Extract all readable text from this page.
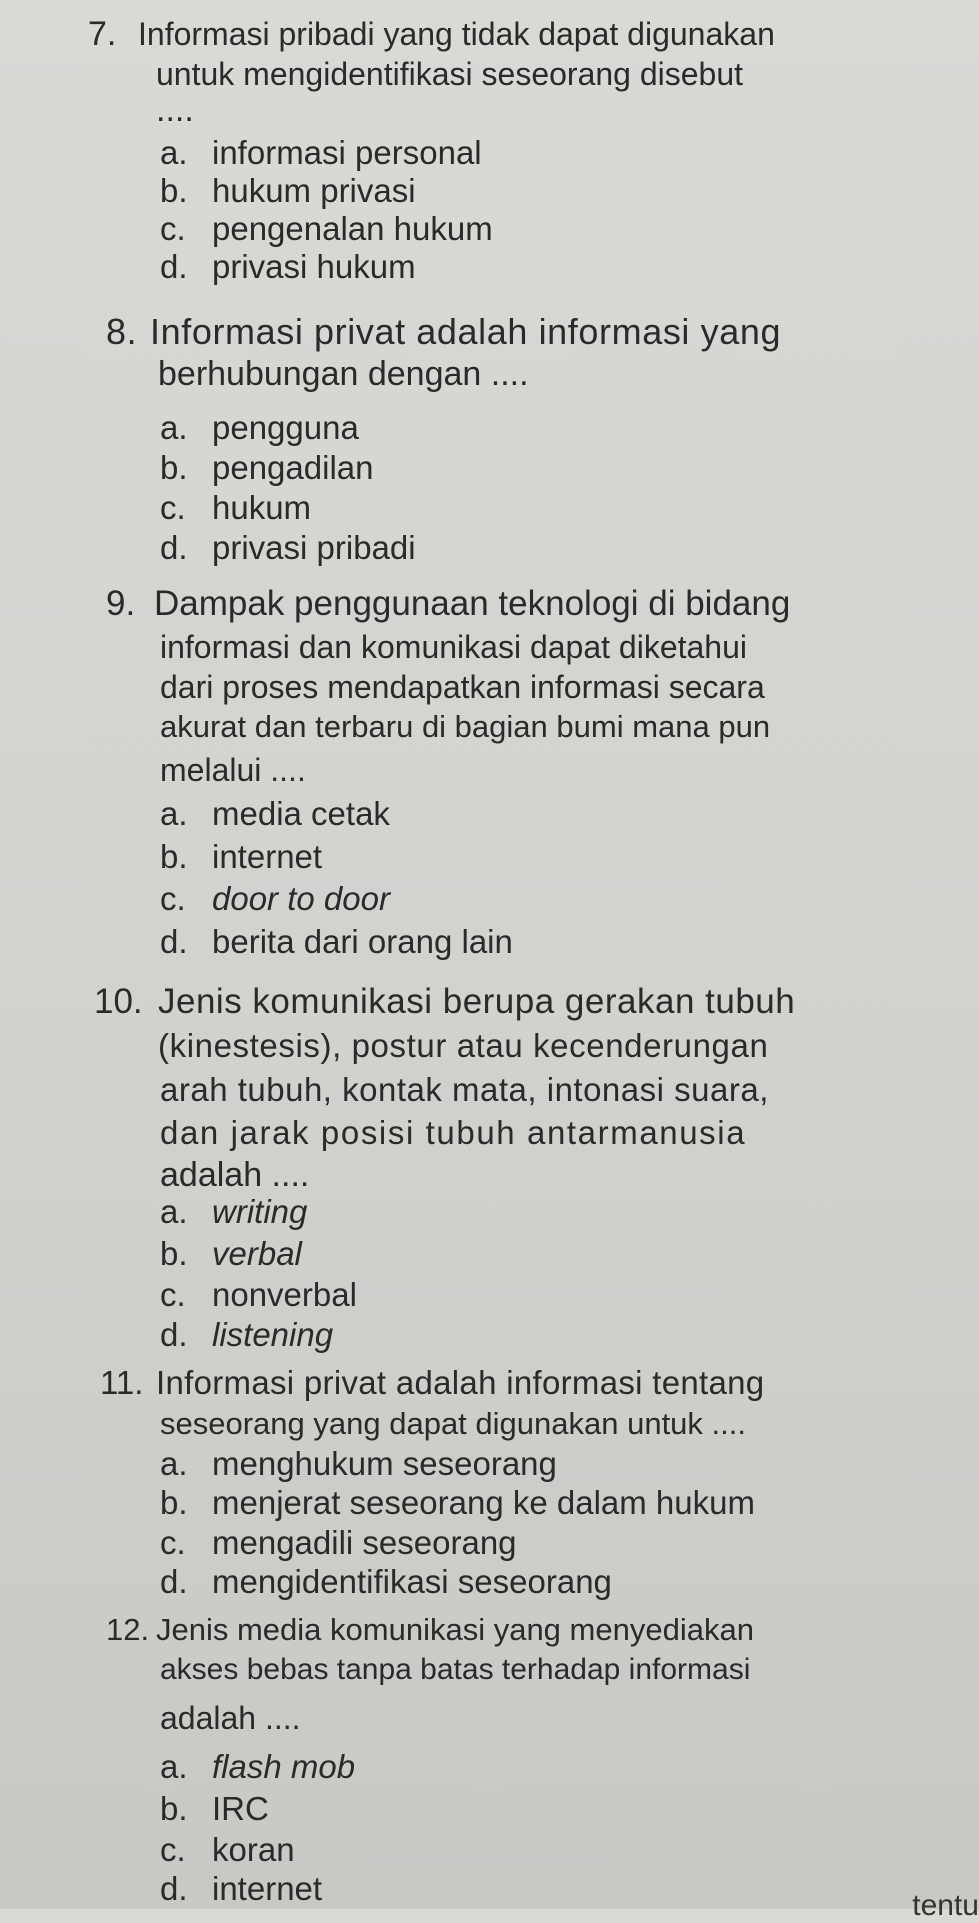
7. Informasi pribadi yang tidak dapat digunakan
untuk mengidentifikasi seseorang disebut
....
a. informasi personal
b. hukum privasi
c. pengenalan hukum
d. privasi hukum
8. Informasi privat adalah informasi yang
berhubungan dengan ....
a. pengguna
b. pengadilan
c. hukum
d. privasi pribadi
9. Dampak penggunaan teknologi di bidang
informasi dan komunikasi dapat diketahui
dari proses mendapatkan informasi secara
akurat dan terbaru di bagian bumi mana pun
melalui ....
a. media cetak
b. internet
c. door to door
d. berita dari orang lain
10. Jenis komunikasi berupa gerakan tubuh
(kinestesis), postur atau kecenderungan
arah tubuh, kontak mata, intonasi suara,
dan jarak posisi tubuh antarmanusia
adalah ....
a. writing
b. verbal
c. nonverbal
d. listening
11. Informasi privat adalah informasi tentang
seseorang yang dapat digunakan untuk ....
a. menghukum seseorang
b. menjerat seseorang ke dalam hukum
c. mengadili seseorang
d. mengidentifikasi seseorang
12. Jenis media komunikasi yang menyediakan
akses bebas tanpa batas terhadap informasi
adalah ....
a. flash mob
b. IRC
c. koran
d. internet	tentu
